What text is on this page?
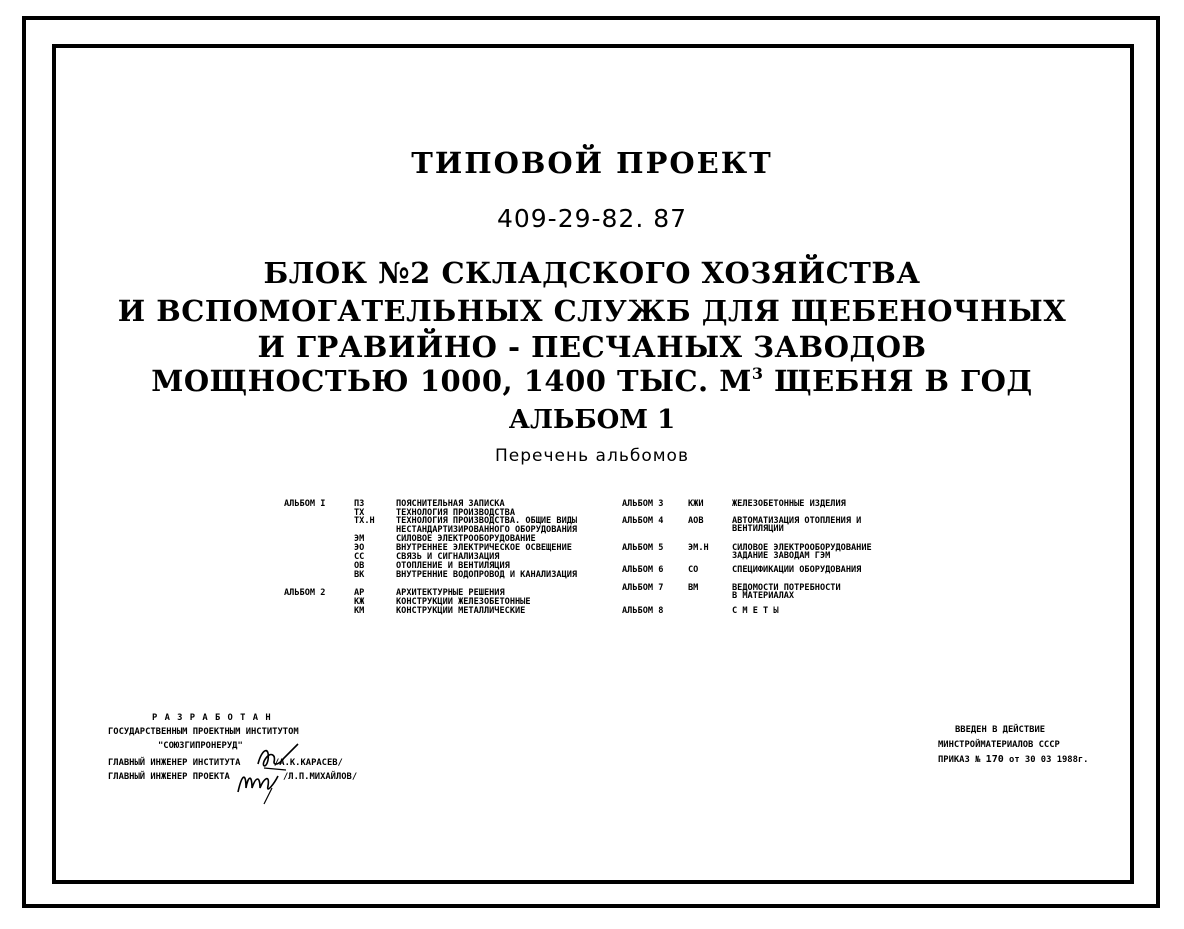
ТИПОВОЙ ПРОЕКТ
409-29-82. 87
БЛОК №2 СКЛАДСКОГО ХОЗЯЙСТВА
И ВСПОМОГАТЕЛЬНЫХ СЛУЖБ ДЛЯ ЩЕБЕНОЧНЫХ
И ГРАВИЙНО - ПЕСЧАНЫХ ЗАВОДОВ
МОЩНОСТЬЮ 1000, 1400 ТЫС. $М^3$ ЩЕБНЯ В ГОД
АЛЬБОМ 1
Перечень альбомов
АЛЬБОМ I	ПЗ	ПОЯСНИТЕЛЬНАЯ ЗАПИСКА
ТХ	ТЕХНОЛОГИЯ ПРОИЗВОДСТВА
ТХ.Н ТЕХНОЛОГИЯ ПРОИЗВОДСТВА. ОБЩИЕ ВИДЫ
НЕСТАНДАРТИЗИРОВАННОГО ОБОРУДОВАНИЯ
ЭМ	СИЛОВОЕ ЭЛЕКТРООБОРУДОВАНИЕ
ЭО	ВНУТРЕННЕЕ ЭЛЕКТРИЧЕСКОЕ ОСВЕЩЕНИЕ
СС	СВЯЗЬ И СИГНАЛИЗАЦИЯ
ОВ	ОТОПЛЕНИЕ И ВЕНТИЛЯЦИЯ
ВК	ВНУТРЕННИЕ ВОДОПРОВОД И КАНАЛИЗАЦИЯ
АЛЬБОМ 2	АР	АРХИТЕКТУРНЫЕ РЕШЕНИЯ
КЖ	КОНСТРУКЦИИ ЖЕЛЕЗОБЕТОННЫЕ
КМ	КОНСТРУКЦИИ МЕТАЛЛИЧЕСКИЕ
АЛЬБОМ 3	КЖИ	ЖЕЛЕЗОБЕТОННЫЕ ИЗДЕЛИЯ
АЛЬБОМ 4	АОВ	АВТОМАТИЗАЦИЯ ОТОПЛЕНИЯ И
ВЕНТИЛЯЦИИ
АЛЬБОМ 5	ЭМ.Н	СИЛОВОЕ ЭЛЕКТРООБОРУДОВАНИЕ
ЗАДАНИЕ ЗАВОДАМ ГЭМ
АЛЬБОМ 6	СО	СПЕЦИФИКАЦИИ ОБОРУДОВАНИЯ
АЛЬБОМ 7	ВМ	ВЕДОМОСТИ ПОТРЕБНОСТИ
В МАТЕРИАЛАХ
АЛЬБОМ 8	С М Е Т Ы
Р А З Р А Б О Т А Н
ГОСУДАРСТВЕННЫМ ПРОЕКТНЫМ ИНСТИТУТОМ
"СОЮЗГИПРОНЕРУД"
ГЛАВНЫЙ ИНЖЕНЕР ИНСТИТУТА	/А.К.КАРАСЕВ/
ГЛАВНЫЙ ИНЖЕНЕР ПРОЕКТА	/Л.П.МИХАЙЛОВ/
ВВЕДЕН В ДЕЙСТВИЕ
МИНСТРОЙМАТЕРИАЛОВ СССР
ПРИКАЗ № 170 от 30 03 1988г.
